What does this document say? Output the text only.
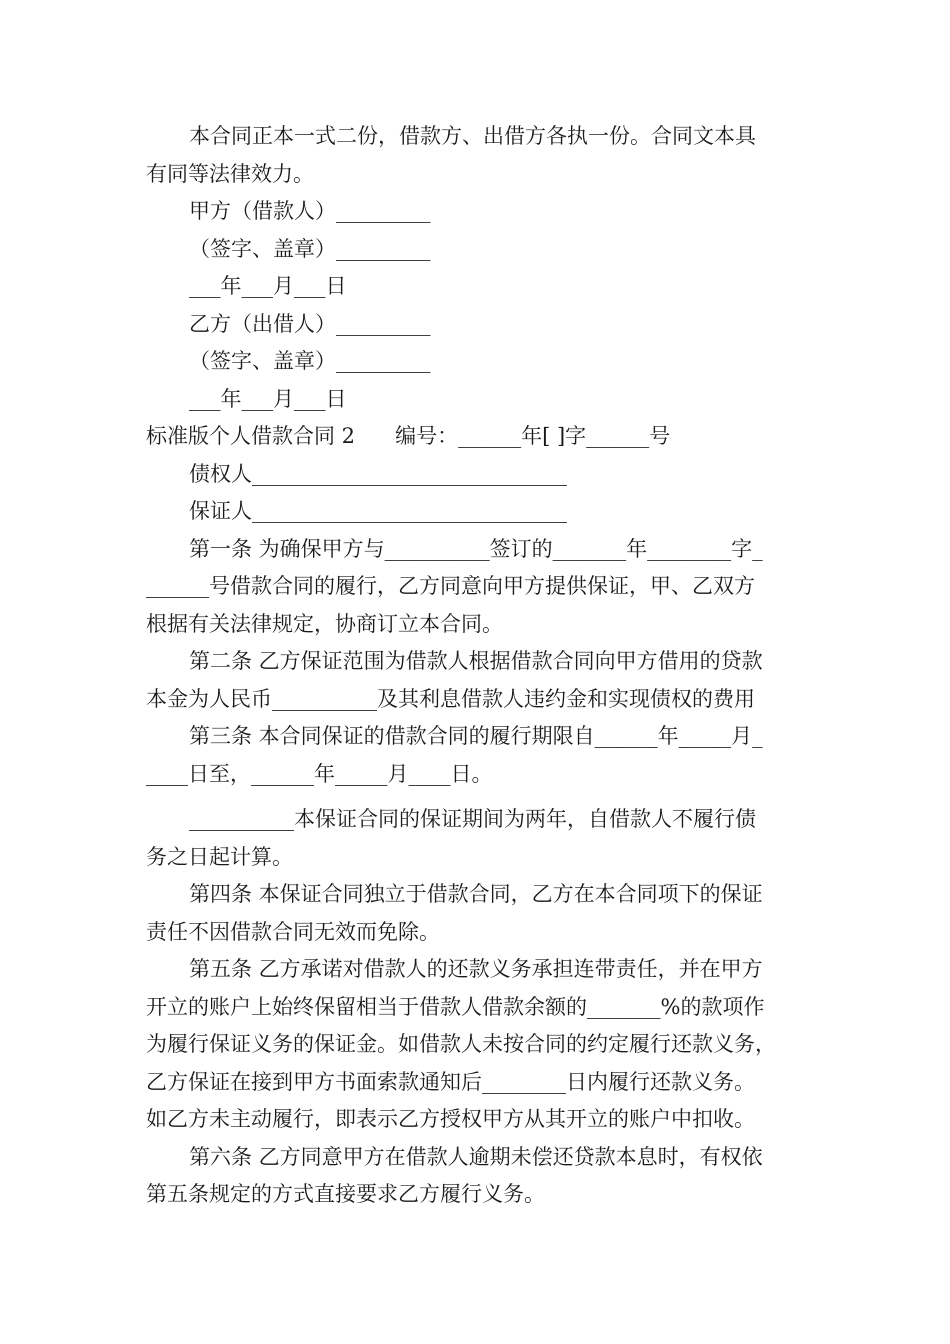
本合同正本一式二份，借款方、出借方各执一份。合同文本具

有同等法律效力。

甲方（借款人）_________

（签字、盖章）_________

___年___月___日

乙方（出借人）_________

（签字、盖章）_________

___年___月___日

标准版个人借款合同 2      编号：______年[ ]字______号

债权人______________________________

保证人______________________________

第一条 为确保甲方与__________签订的_______年________字_

______号借款合同的履行，乙方同意向甲方提供保证，甲、乙双方

根据有关法律规定，协商订立本合同。

第二条 乙方保证范围为借款人根据借款合同向甲方借用的贷款

本金为人民币__________及其利息借款人违约金和实现债权的费用

第三条 本合同保证的借款合同的履行期限自______年_____月_

____日至，______年_____月____日。

__________本保证合同的保证期间为两年，自借款人不履行债

务之日起计算。

第四条 本保证合同独立于借款合同，乙方在本合同项下的保证

责任不因借款合同无效而免除。

第五条 乙方承诺对借款人的还款义务承担连带责任，并在甲方

开立的账户上始终保留相当于借款人借款余额的_______%的款项作

为履行保证义务的保证金。如借款人未按合同的约定履行还款义务，

乙方保证在接到甲方书面索款通知后________日内履行还款义务。

如乙方未主动履行，即表示乙方授权甲方从其开立的账户中扣收。

第六条 乙方同意甲方在借款人逾期未偿还贷款本息时，有权依

第五条规定的方式直接要求乙方履行义务。
